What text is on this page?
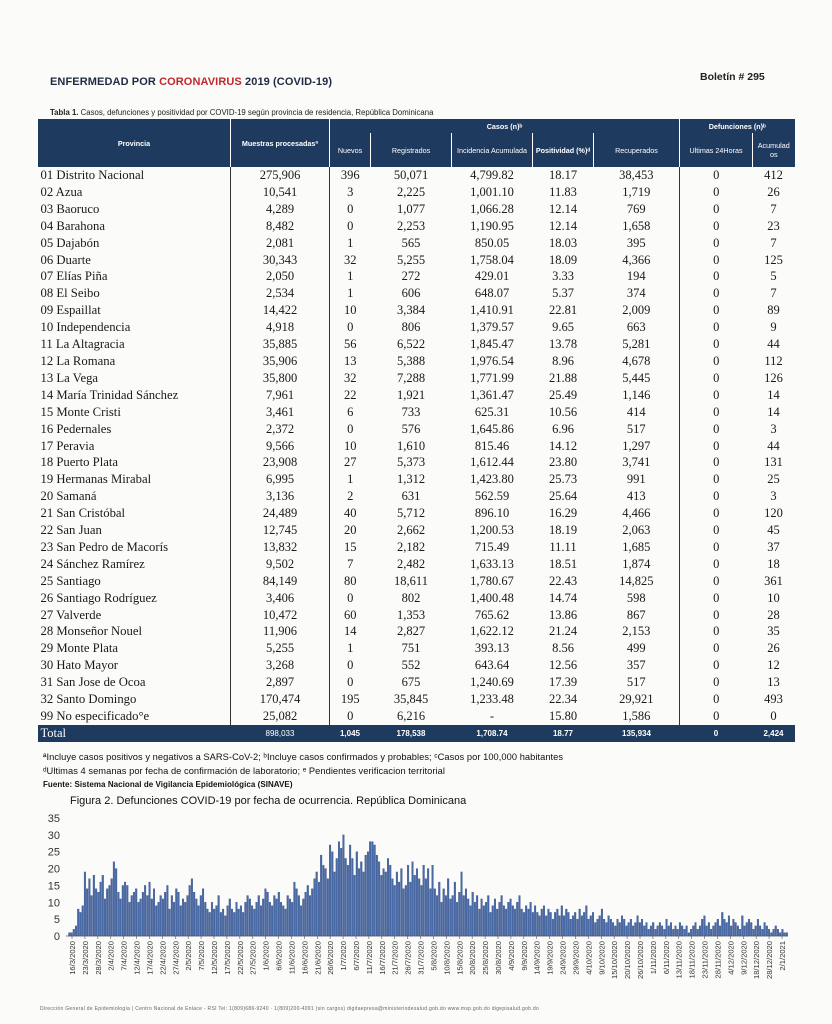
ENFERMEDAD POR CORONAVIRUS 2019 (COVID-19)	Boletín # 295
Tabla 1. Casos, defunciones y positividad por COVID-19 según provincia de residencia, República Dominicana
Provincia	Muestras procesadasª	Casos (n)ᵇ					Defunciones (n)ᵇ	
		Nuevos	Registrados	Incidencia Acumulada	Positividad (%)ᵈ	Recuperados	Ultimas 24Horas	Acumulad os
01 Distrito Nacional	275,906	396	50,071	4,799.82	18.17	38,453	0	412
02 Azua	10,541	3	2,225	1,001.10	11.83	1,719	0	26
03 Baoruco	4,289	0	1,077	1,066.28	12.14	769	0	7
04 Barahona	8,482	0	2,253	1,190.95	12.14	1,658	0	23
05 Dajabón	2,081	1	565	850.05	18.03	395	0	7
06 Duarte	30,343	32	5,255	1,758.04	18.09	4,366	0	125
07 Elías Piña	2,050	1	272	429.01	3.33	194	0	5
08 El Seibo	2,534	1	606	648.07	5.37	374	0	7
09 Espaillat	14,422	10	3,384	1,410.91	22.81	2,009	0	89
10 Independencia	4,918	0	806	1,379.57	9.65	663	0	9
11 La Altagracia	35,885	56	6,522	1,845.47	13.78	5,281	0	44
12 La Romana	35,906	13	5,388	1,976.54	8.96	4,678	0	112
13 La Vega	35,800	32	7,288	1,771.99	21.88	5,445	0	126
14 María Trinidad Sánchez	7,961	22	1,921	1,361.47	25.49	1,146	0	14
15 Monte Cristi	3,461	6	733	625.31	10.56	414	0	14
16 Pedernales	2,372	0	576	1,645.86	6.96	517	0	3
17 Peravia	9,566	10	1,610	815.46	14.12	1,297	0	44
18 Puerto Plata	23,908	27	5,373	1,612.44	23.80	3,741	0	131
19 Hermanas Mirabal	6,995	1	1,312	1,423.80	25.73	991	0	25
20 Samaná	3,136	2	631	562.59	25.64	413	0	3
21 San Cristóbal	24,489	40	5,712	896.10	16.29	4,466	0	120
22 San Juan	12,745	20	2,662	1,200.53	18.19	2,063	0	45
23 San Pedro de Macorís	13,832	15	2,182	715.49	11.11	1,685	0	37
24 Sánchez Ramírez	9,502	7	2,482	1,633.13	18.51	1,874	0	18
25 Santiago	84,149	80	18,611	1,780.67	22.43	14,825	0	361
26 Santiago Rodríguez	3,406	0	802	1,400.48	14.74	598	0	10
27 Valverde	10,472	60	1,353	765.62	13.86	867	0	28
28 Monseñor Nouel	11,906	14	2,827	1,622.12	21.24	2,153	0	35
29 Monte Plata	5,255	1	751	393.13	8.56	499	0	26
30 Hato Mayor	3,268	0	552	643.64	12.56	357	0	12
31 San Jose de Ocoa	2,897	0	675	1,240.69	17.39	517	0	13
32 Santo Domingo	170,474	195	35,845	1,233.48	22.34	29,921	0	493
99 No especificado°e	25,082	0	6,216	-	15.80	1,586	0	0
Total	898,033	1,045	178,538	1,708.74	18.77	135,934	0	2,424
ªIncluye casos positivos y negativos a SARS-CoV-2; ᵇIncluye casos confirmados y probables; ᶜCasos por 100,000 habitantes
ᵈUltimas 4 semanas por fecha de confirmación de laboratorio; ᵉ Pendientes verificacion territorial
Fuente: Sistema Nacional de Vigilancia Epidemiológica (SINAVE)
Figura 2. Defunciones COVID-19 por fecha de ocurrencia. República Dominicana
0
5
10
15
20
25
30
35
16/3/2020 23/3/2020 28/3/2020 2/4/2020 7/4/2020 12/4/2020 17/4/2020 22/4/2020 27/4/2020 2/5/2020 7/5/2020 12/5/2020 17/5/2020 22/5/2020 27/5/2020 1/6/2020 6/6/2020 11/6/2020 16/6/2020 21/6/2020 26/6/2020 1/7/2020 6/7/2020 11/7/2020 16/7/2020 21/7/2020 26/7/2020 31/7/2020 5/8/2020 10/8/2020 15/8/2020 20/8/2020 25/8/2020 30/8/2020 4/9/2020 9/9/2020 14/9/2020 19/9/2020 24/9/2020 29/9/2020 4/10/2020 9/10/2020 15/10/2020 20/10/2020 26/10/2020 1/11/2020 6/11/2020 13/11/2020 18/11/2020 23/11/2020 28/11/2020 4/12/2020 9/12/2020 18/12/2020 28/12/2020 2/1/2021
Dirección General de Epidemiología | Centro Nacional de Enlace - RSI Tel: 1(809)686-9240 · 1(809)200-4091 (sin cargos) digitaepresa@ministeriodesalud.gob.do www.msp.gob.do digepisalud.gob.do
